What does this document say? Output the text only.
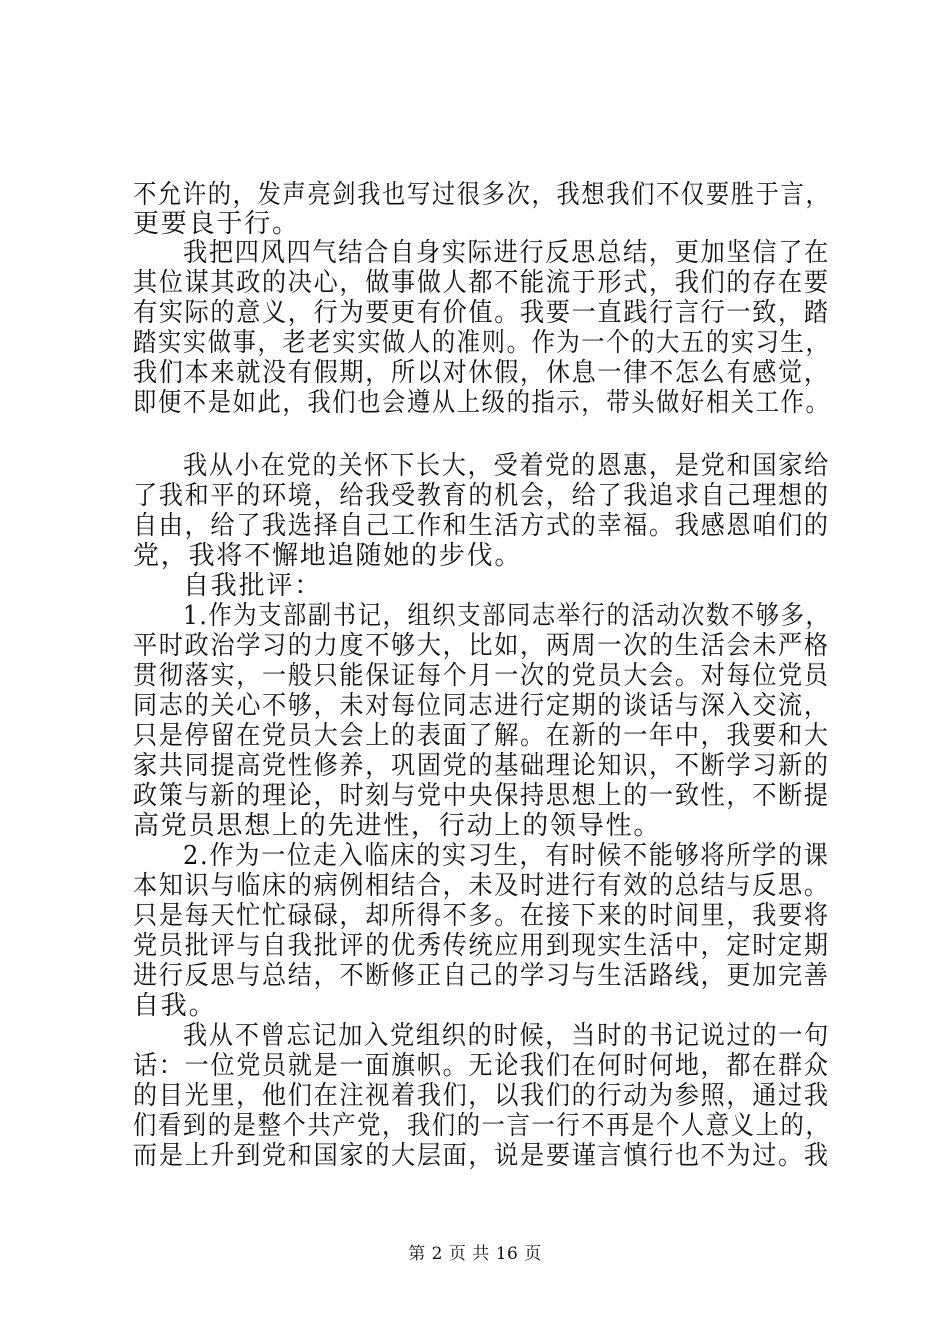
不允许的，发声亮剑我也写过很多次，我想我们不仅要胜于言，
更要良于行。
我把四风四气结合自身实际进行反思总结，更加坚信了在
其位谋其政的决心，做事做人都不能流于形式，我们的存在要
有实际的意义，行为要更有价值。我要一直践行言行一致，踏
踏实实做事，老老实实做人的准则。作为一个的大五的实习生，
我们本来就没有假期，所以对休假，休息一律不怎么有感觉，
即便不是如此，我们也会遵从上级的指示，带头做好相关工作。
我从小在党的关怀下长大，受着党的恩惠，是党和国家给
了我和平的环境，给我受教育的机会，给了我追求自己理想的
自由，给了我选择自己工作和生活方式的幸福。我感恩咱们的
党，我将不懈地追随她的步伐。
自我批评：
1.作为支部副书记，组织支部同志举行的活动次数不够多，
平时政治学习的力度不够大，比如，两周一次的生活会未严格
贯彻落实，一般只能保证每个月一次的党员大会。对每位党员
同志的关心不够，未对每位同志进行定期的谈话与深入交流，
只是停留在党员大会上的表面了解。在新的一年中，我要和大
家共同提高党性修养，巩固党的基础理论知识，不断学习新的
政策与新的理论，时刻与党中央保持思想上的一致性，不断提
高党员思想上的先进性，行动上的领导性。
2.作为一位走入临床的实习生，有时候不能够将所学的课
本知识与临床的病例相结合，未及时进行有效的总结与反思。
只是每天忙忙碌碌，却所得不多。在接下来的时间里，我要将
党员批评与自我批评的优秀传统应用到现实生活中，定时定期
进行反思与总结，不断修正自己的学习与生活路线，更加完善
自我。
我从不曾忘记加入党组织的时候，当时的书记说过的一句
话：一位党员就是一面旗帜。无论我们在何时何地，都在群众
的目光里，他们在注视着我们，以我们的行动为参照，通过我
们看到的是整个共产党，我们的一言一行不再是个人意义上的，
而是上升到党和国家的大层面，说是要谨言慎行也不为过。我
第 2 页 共 16 页
